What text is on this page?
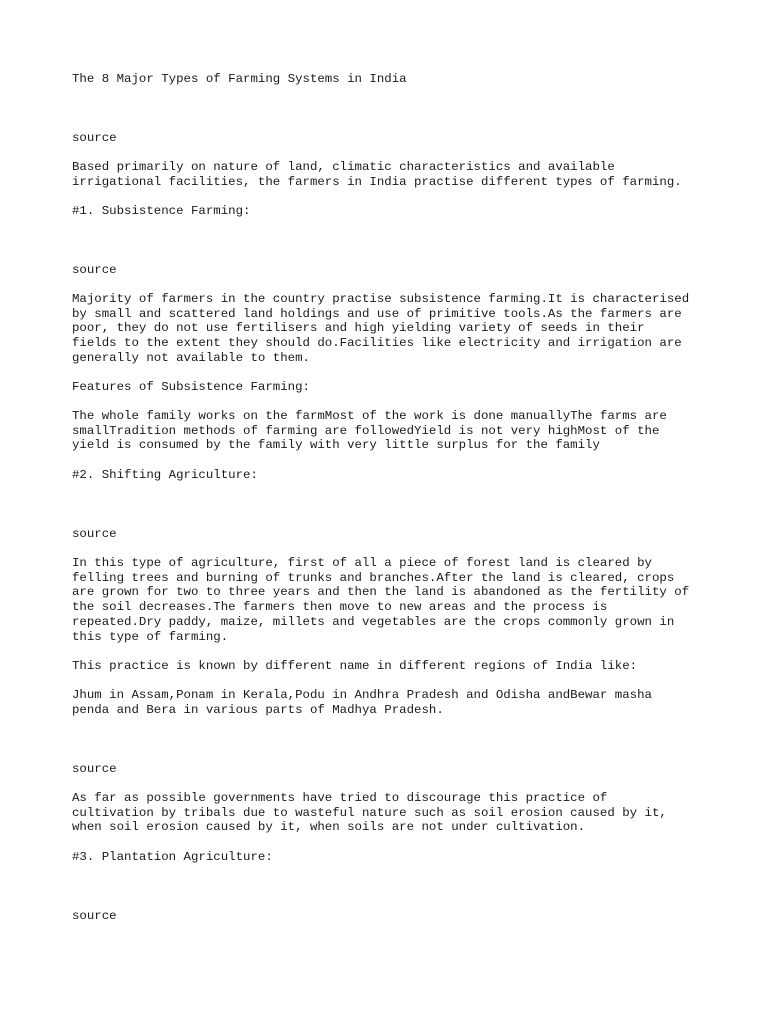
The 8 Major Types of Farming Systems in India

source

Based primarily on nature of land, climatic characteristics and available
irrigational facilities, the farmers in India practise different types of farming.

#1. Subsistence Farming:

source

Majority of farmers in the country practise subsistence farming.It is characterised
by small and scattered land holdings and use of primitive tools.As the farmers are
poor, they do not use fertilisers and high yielding variety of seeds in their
fields to the extent they should do.Facilities like electricity and irrigation are
generally not available to them.

Features of Subsistence Farming:

The whole family works on the farmMost of the work is done manuallyThe farms are
smallTradition methods of farming are followedYield is not very highMost of the
yield is consumed by the family with very little surplus for the family

#2. Shifting Agriculture:

source

In this type of agriculture, first of all a piece of forest land is cleared by
felling trees and burning of trunks and branches.After the land is cleared, crops
are grown for two to three years and then the land is abandoned as the fertility of
the soil decreases.The farmers then move to new areas and the process is
repeated.Dry paddy, maize, millets and vegetables are the crops commonly grown in
this type of farming.

This practice is known by different name in different regions of India like:

Jhum in Assam,Ponam in Kerala,Podu in Andhra Pradesh and Odisha andBewar masha
penda and Bera in various parts of Madhya Pradesh.

source

As far as possible governments have tried to discourage this practice of
cultivation by tribals due to wasteful nature such as soil erosion caused by it,
when soil erosion caused by it, when soils are not under cultivation.

#3. Plantation Agriculture:

source
